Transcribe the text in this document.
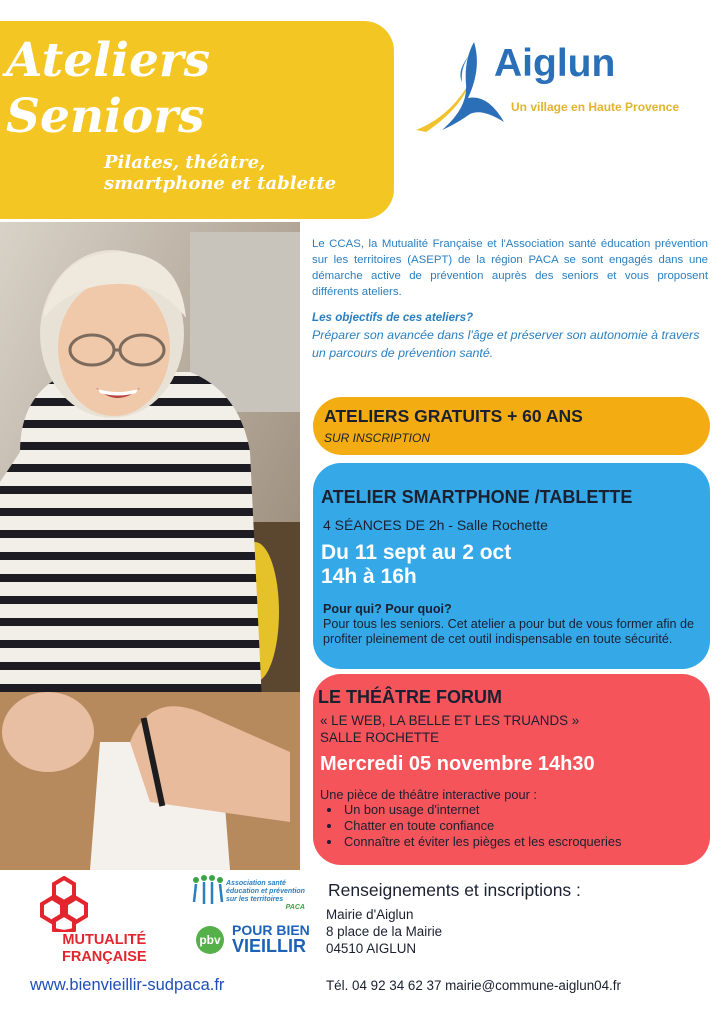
Ateliers
Seniors
Pilates, théâtre,
smartphone et tablette
Aiglun
Un village en Haute Provence

Le CCAS, la Mutualité Française et l'Association santé éducation prévention sur les territoires (ASEPT) de la région PACA se sont engagés dans une démarche active de prévention auprès des seniors et vous proposent différents ateliers.

Les objectifs de ces ateliers?
Préparer son avancée dans l'âge et préserver son autonomie à travers un parcours de prévention santé.
ATELIERS GRATUITS + 60 ANS
SUR INSCRIPTION
ATELIER SMARTPHONE /TABLETTE
4 SÉANCES DE 2h - Salle Rochette
Du 11 sept au 2 oct
14h à 16h
Pour qui? Pour quoi?
Pour tous les seniors. Cet atelier a pour but de vous former afin de profiter pleinement de cet outil indispensable en toute sécurité.
LE THÉÂTRE FORUM
« LE WEB, LA BELLE ET LES TRUANDS »
SALLE ROCHETTE
Mercredi 05 novembre 14h30
Une pièce de théâtre interactive pour :
• Un bon usage d'internet
• Chatter en toute confiance
• Connaître et éviter les pièges et les escroqueries
MUTUALITÉ
FRANÇAISE
Association santé
éducation et prévention
sur les territoires
PACA
pbv
POUR BIEN
VIEILLIR
Renseignements et inscriptions :
Mairie d'Aiglun
8 place de la Mairie
04510 AIGLUN
www.bienvieillir-sudpaca.fr	Tél. 04 92 34 62 37 mairie@commune-aiglun04.fr
